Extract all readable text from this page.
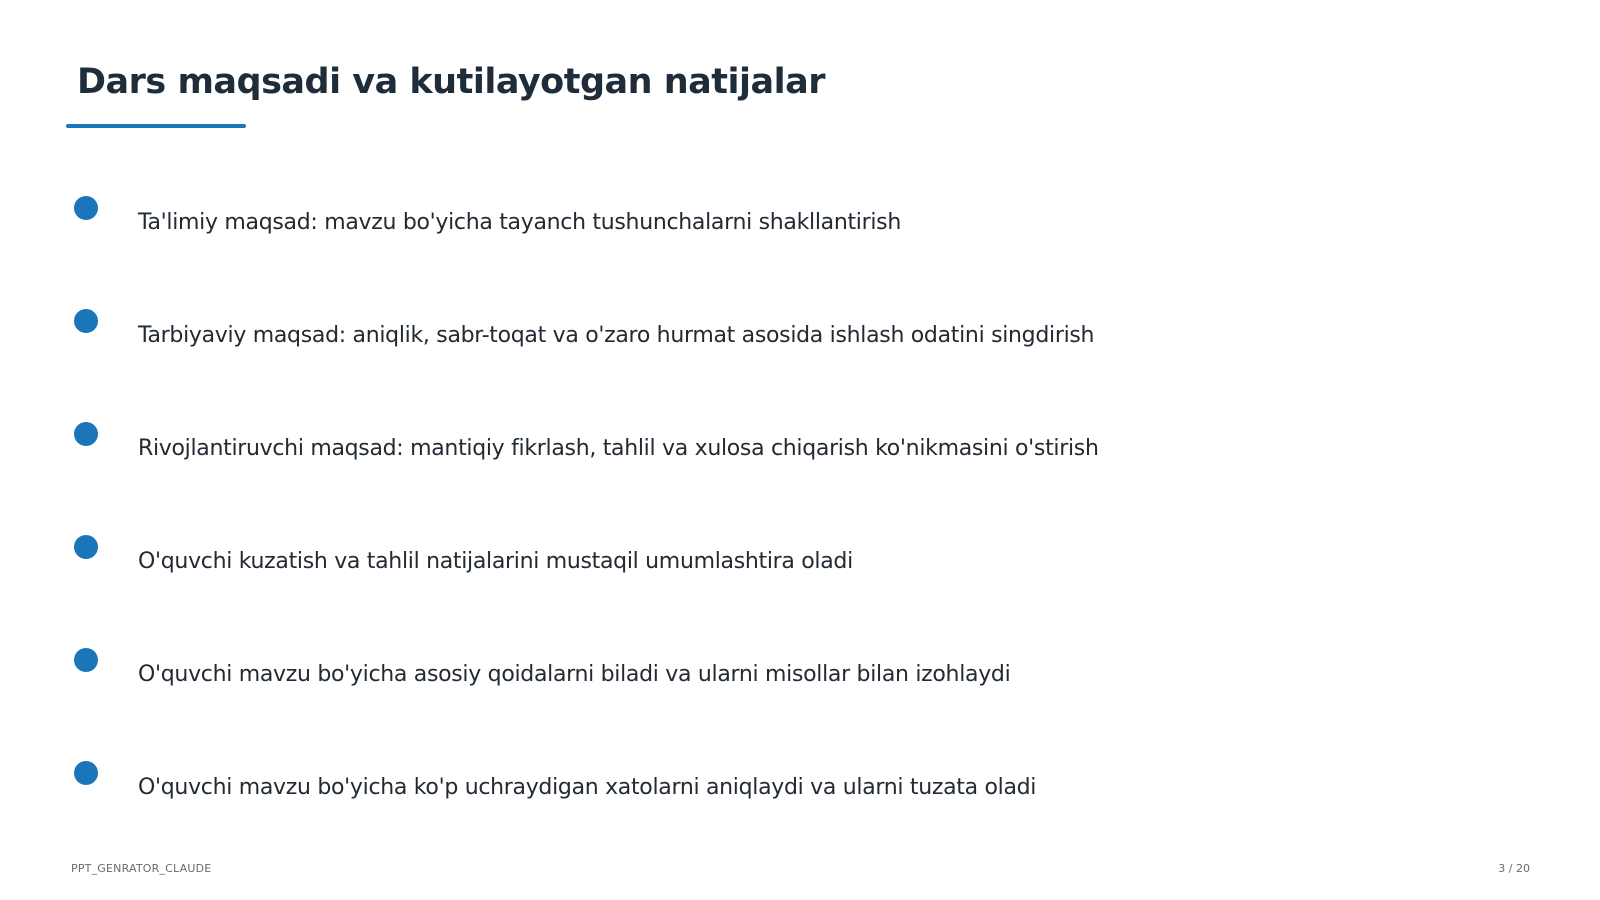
Dars maqsadi va kutilayotgan natijalar
Ta'limiy maqsad: mavzu bo'yicha tayanch tushunchalarni shakllantirish
Tarbiyaviy maqsad: aniqlik, sabr-toqat va o'zaro hurmat asosida ishlash odatini singdirish
Rivojlantiruvchi maqsad: mantiqiy fikrlash, tahlil va xulosa chiqarish ko'nikmasini o'stirish
O'quvchi kuzatish va tahlil natijalarini mustaqil umumlashtira oladi
O'quvchi mavzu bo'yicha asosiy qoidalarni biladi va ularni misollar bilan izohlaydi
O'quvchi mavzu bo'yicha ko'p uchraydigan xatolarni aniqlaydi va ularni tuzata oladi
PPT_GENRATOR_CLAUDE	3 / 20
